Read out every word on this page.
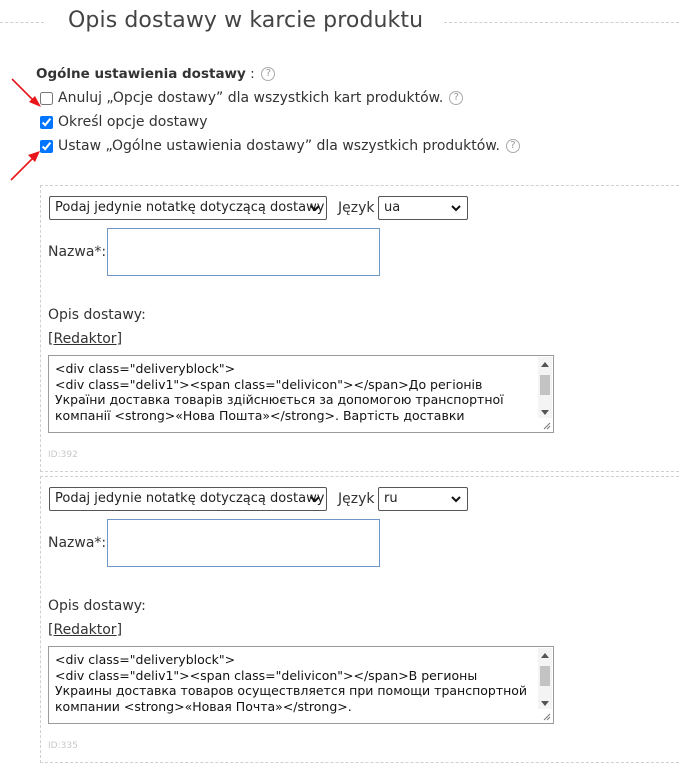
Opis dostawy w karcie produktu
Ogólne ustawienia dostawy : ?
Anuluj „Opcje dostawy” dla wszystkich kart produktów.	?
Określ opcje dostawy
Ustaw „Ogólne ustawienia dostawy” dla wszystkich produktów.	?
Podaj jedynie notatkę dotyczącą dostawy Język ua
Nazwa*:
Opis dostawy:
[Redaktor]
<div class="deliveryblock">
<div class="deliv1"><span class="delivicon"></span>До регіонів України доставка товарів здійснюється за допомогою транспортної компанії <strong>«Нова Пошта»</strong>. Вартість доставки
ID:392
Podaj jedynie notatkę dotyczącą dostawy Język ru
Nazwa*:
Opis dostawy:
[Redaktor]
<div class="deliveryblock">
<div class="deliv1"><span class="delivicon"></span>В регионы Украины доставка товаров осуществляется при помощи транспортной компании <strong>«Новая Почта»</strong>.
ID:335
